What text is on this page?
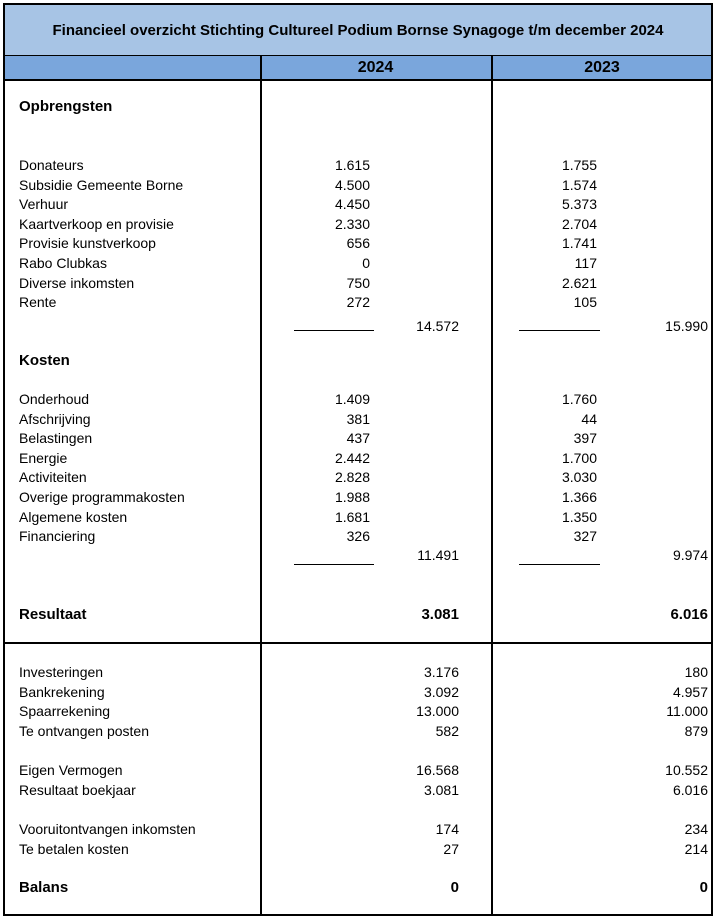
Financieel overzicht Stichting Cultureel Podium Bornse Synagoge t/m december 2024
2024	2023
Opbrengsten
Donateurs	1.615	1.755
Subsidie Gemeente Borne	4.500	1.574
Verhuur	4.450	5.373
Kaartverkoop en provisie	2.330	2.704
Provisie kunstverkoop	656	1.741
Rabo Clubkas	0	117
Diverse inkomsten	750	2.621
Rente	272	105
14.572	15.990
Kosten
Onderhoud	1.409	1.760
Afschrijving	381	44
Belastingen	437	397
Energie	2.442	1.700
Activiteiten	2.828	3.030
Overige programmakosten	1.988	1.366
Algemene kosten	1.681	1.350
Financiering	326	327
11.491	9.974
Resultaat	3.081	6.016
Investeringen	3.176	180
Bankrekening	3.092	4.957
Spaarrekening	13.000	11.000
Te ontvangen posten	582	879
Eigen Vermogen	16.568	10.552
Resultaat boekjaar	3.081	6.016
Vooruitontvangen inkomsten	174	234
Te betalen kosten	27	214
Balans	0	0
